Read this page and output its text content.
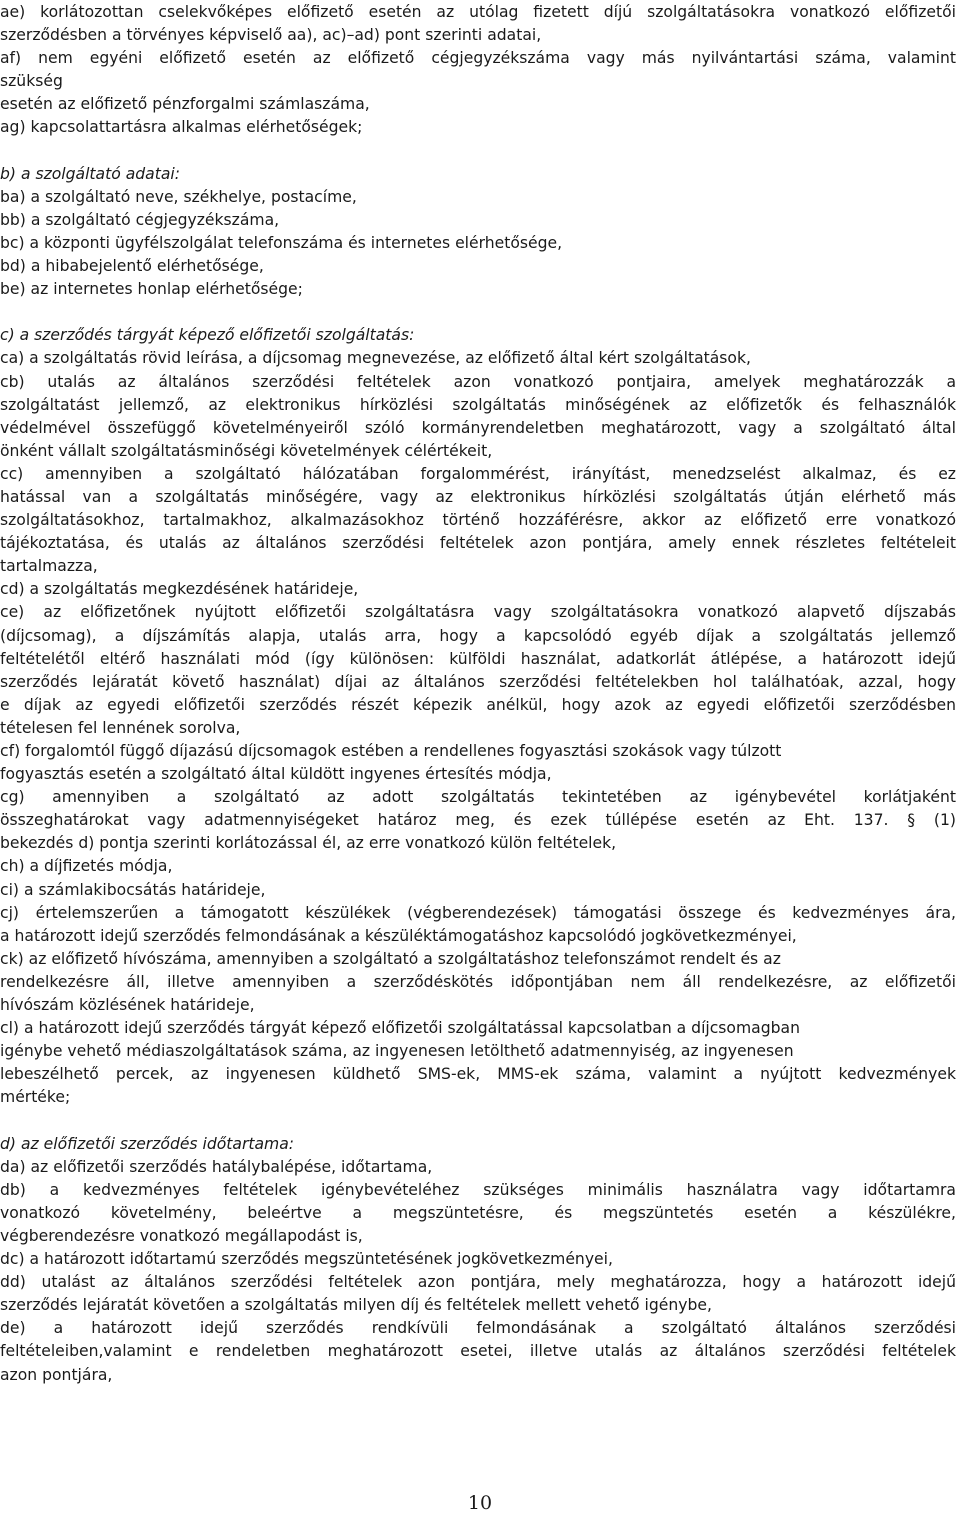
ae) korlátozottan cselekvőképes előfizető esetén az utólag fizetett díjú szolgáltatásokra vonatkozó előfizetői
szerződésben a törvényes képviselő aa), ac)–ad) pont szerinti adatai,
af) nem egyéni előfizető esetén az előfizető cégjegyzékszáma vagy más nyilvántartási száma, valamint
szükség
esetén az előfizető pénzforgalmi számlaszáma,
ag) kapcsolattartásra alkalmas elérhetőségek;
b) a szolgáltató adatai:
ba) a szolgáltató neve, székhelye, postacíme,
bb) a szolgáltató cégjegyzékszáma,
bc) a központi ügyfélszolgálat telefonszáma és internetes elérhetősége,
bd) a hibabejelentő elérhetősége,
be) az internetes honlap elérhetősége;
c) a szerződés tárgyát képező előfizetői szolgáltatás:
ca) a szolgáltatás rövid leírása, a díjcsomag megnevezése, az előfizető által kért szolgáltatások,
cb) utalás az általános szerződési feltételek azon vonatkozó pontjaira, amelyek meghatározzák a
szolgáltatást jellemző, az elektronikus hírközlési szolgáltatás minőségének az előfizetők és felhasználók
védelmével összefüggő követelményeiről szóló kormányrendeletben meghatározott, vagy a szolgáltató által
önként vállalt szolgáltatásminőségi követelmények célértékeit,
cc) amennyiben a szolgáltató hálózatában forgalommérést, irányítást, menedzselést alkalmaz, és ez
hatással van a szolgáltatás minőségére, vagy az elektronikus hírközlési szolgáltatás útján elérhető más
szolgáltatásokhoz, tartalmakhoz, alkalmazásokhoz történő hozzáférésre, akkor az előfizető erre vonatkozó
tájékoztatása, és utalás az általános szerződési feltételek azon pontjára, amely ennek részletes feltételeit
tartalmazza,
cd) a szolgáltatás megkezdésének határideje,
ce) az előfizetőnek nyújtott előfizetői szolgáltatásra vagy szolgáltatásokra vonatkozó alapvető díjszabás
(díjcsomag), a díjszámítás alapja, utalás arra, hogy a kapcsolódó egyéb díjak a szolgáltatás jellemző
feltételétől eltérő használati mód (így különösen: külföldi használat, adatkorlát átlépése, a határozott idejű
szerződés lejáratát követő használat) díjai az általános szerződési feltételekben hol találhatóak, azzal, hogy
e díjak az egyedi előfizetői szerződés részét képezik anélkül, hogy azok az egyedi előfizetői szerződésben
tételesen fel lennének sorolva,
cf) forgalomtól függő díjazású díjcsomagok estében a rendellenes fogyasztási szokások vagy túlzott
fogyasztás esetén a szolgáltató által küldött ingyenes értesítés módja,
cg) amennyiben a szolgáltató az adott szolgáltatás tekintetében az igénybevétel korlátjaként
összeghatárokat vagy adatmennyiségeket határoz meg, és ezek túllépése esetén az Eht. 137. § (1)
bekezdés d) pontja szerinti korlátozással él, az erre vonatkozó külön feltételek,
ch) a díjfizetés módja,
ci) a számlakibocsátás határideje,
cj) értelemszerűen a támogatott készülékek (végberendezések) támogatási összege és kedvezményes ára,
a határozott idejű szerződés felmondásának a készüléktámogatáshoz kapcsolódó jogkövetkezményei,
ck) az előfizető hívószáma, amennyiben a szolgáltató a szolgáltatáshoz telefonszámot rendelt és az
rendelkezésre áll, illetve amennyiben a szerződéskötés időpontjában nem áll rendelkezésre, az előfizetői
hívószám közlésének határideje,
cl) a határozott idejű szerződés tárgyát képező előfizetői szolgáltatással kapcsolatban a díjcsomagban
igénybe vehető médiaszolgáltatások száma, az ingyenesen letölthető adatmennyiség, az ingyenesen
lebeszélhető percek, az ingyenesen küldhető SMS-ek, MMS-ek száma, valamint a nyújtott kedvezmények
mértéke;
d) az előfizetői szerződés időtartama:
da) az előfizetői szerződés hatálybalépése, időtartama,
db) a kedvezményes feltételek igénybevételéhez szükséges minimális használatra vagy időtartamra
vonatkozó követelmény, beleértve a megszüntetésre, és megszüntetés esetén a készülékre,
végberendezésre vonatkozó megállapodást is,
dc) a határozott időtartamú szerződés megszüntetésének jogkövetkezményei,
dd) utalást az általános szerződési feltételek azon pontjára, mely meghatározza, hogy a határozott idejű
szerződés lejáratát követően a szolgáltatás milyen díj és feltételek mellett vehető igénybe,
de) a határozott idejű szerződés rendkívüli felmondásának a szolgáltató általános szerződési
feltételeiben,valamint e rendeletben meghatározott esetei, illetve utalás az általános szerződési feltételek
azon pontjára,
10
